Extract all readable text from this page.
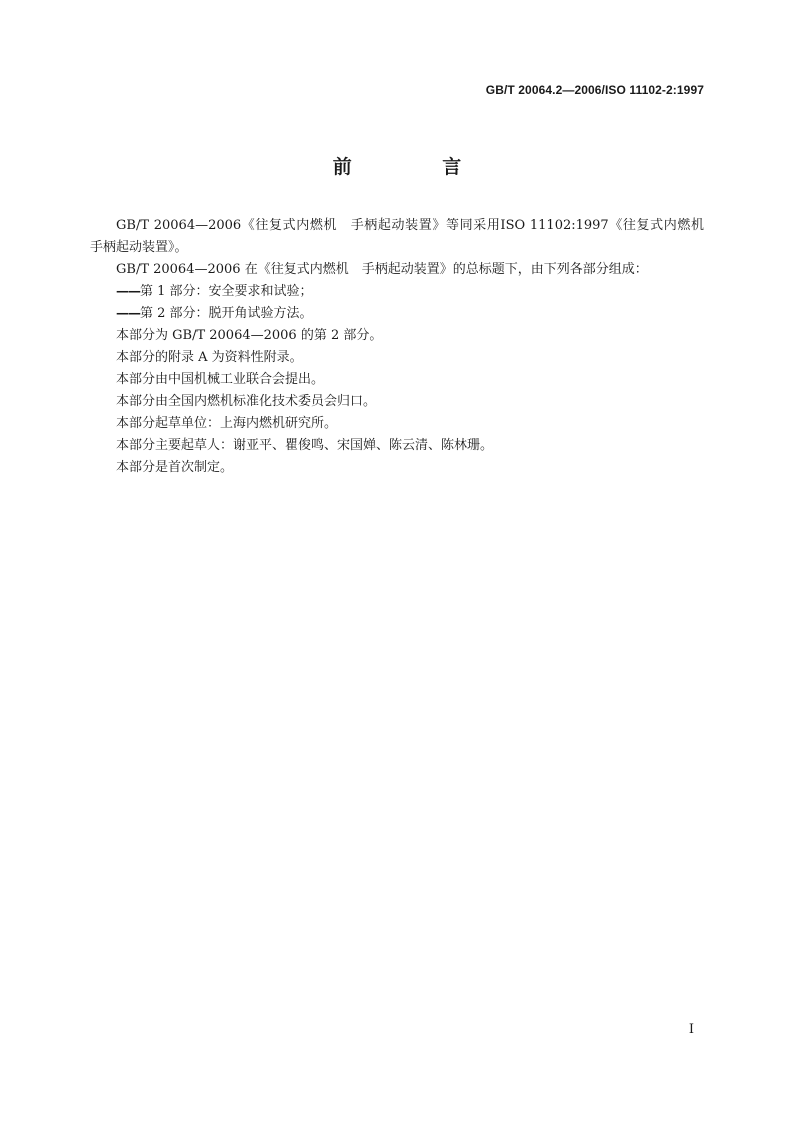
GB/T 20064.2—2006/ISO 11102-2:1997
前 言

GB/T 20064—2006《往复式内燃机　手柄起动装置》等同采用ISO 11102:1997《往复式内燃机　手柄起动装置》。

GB/T 20064—2006 在《往复式内燃机　手柄起动装置》的总标题下，由下列各部分组成：

——第 1 部分：安全要求和试验；

——第 2 部分：脱开角试验方法。

本部分为 GB/T 20064—2006 的第 2 部分。

本部分的附录 A 为资料性附录。

本部分由中国机械工业联合会提出。

本部分由全国内燃机标准化技术委员会归口。

本部分起草单位：上海内燃机研究所。

本部分主要起草人：谢亚平、瞿俊鸣、宋国婵、陈云清、陈林珊。

本部分是首次制定。

I
